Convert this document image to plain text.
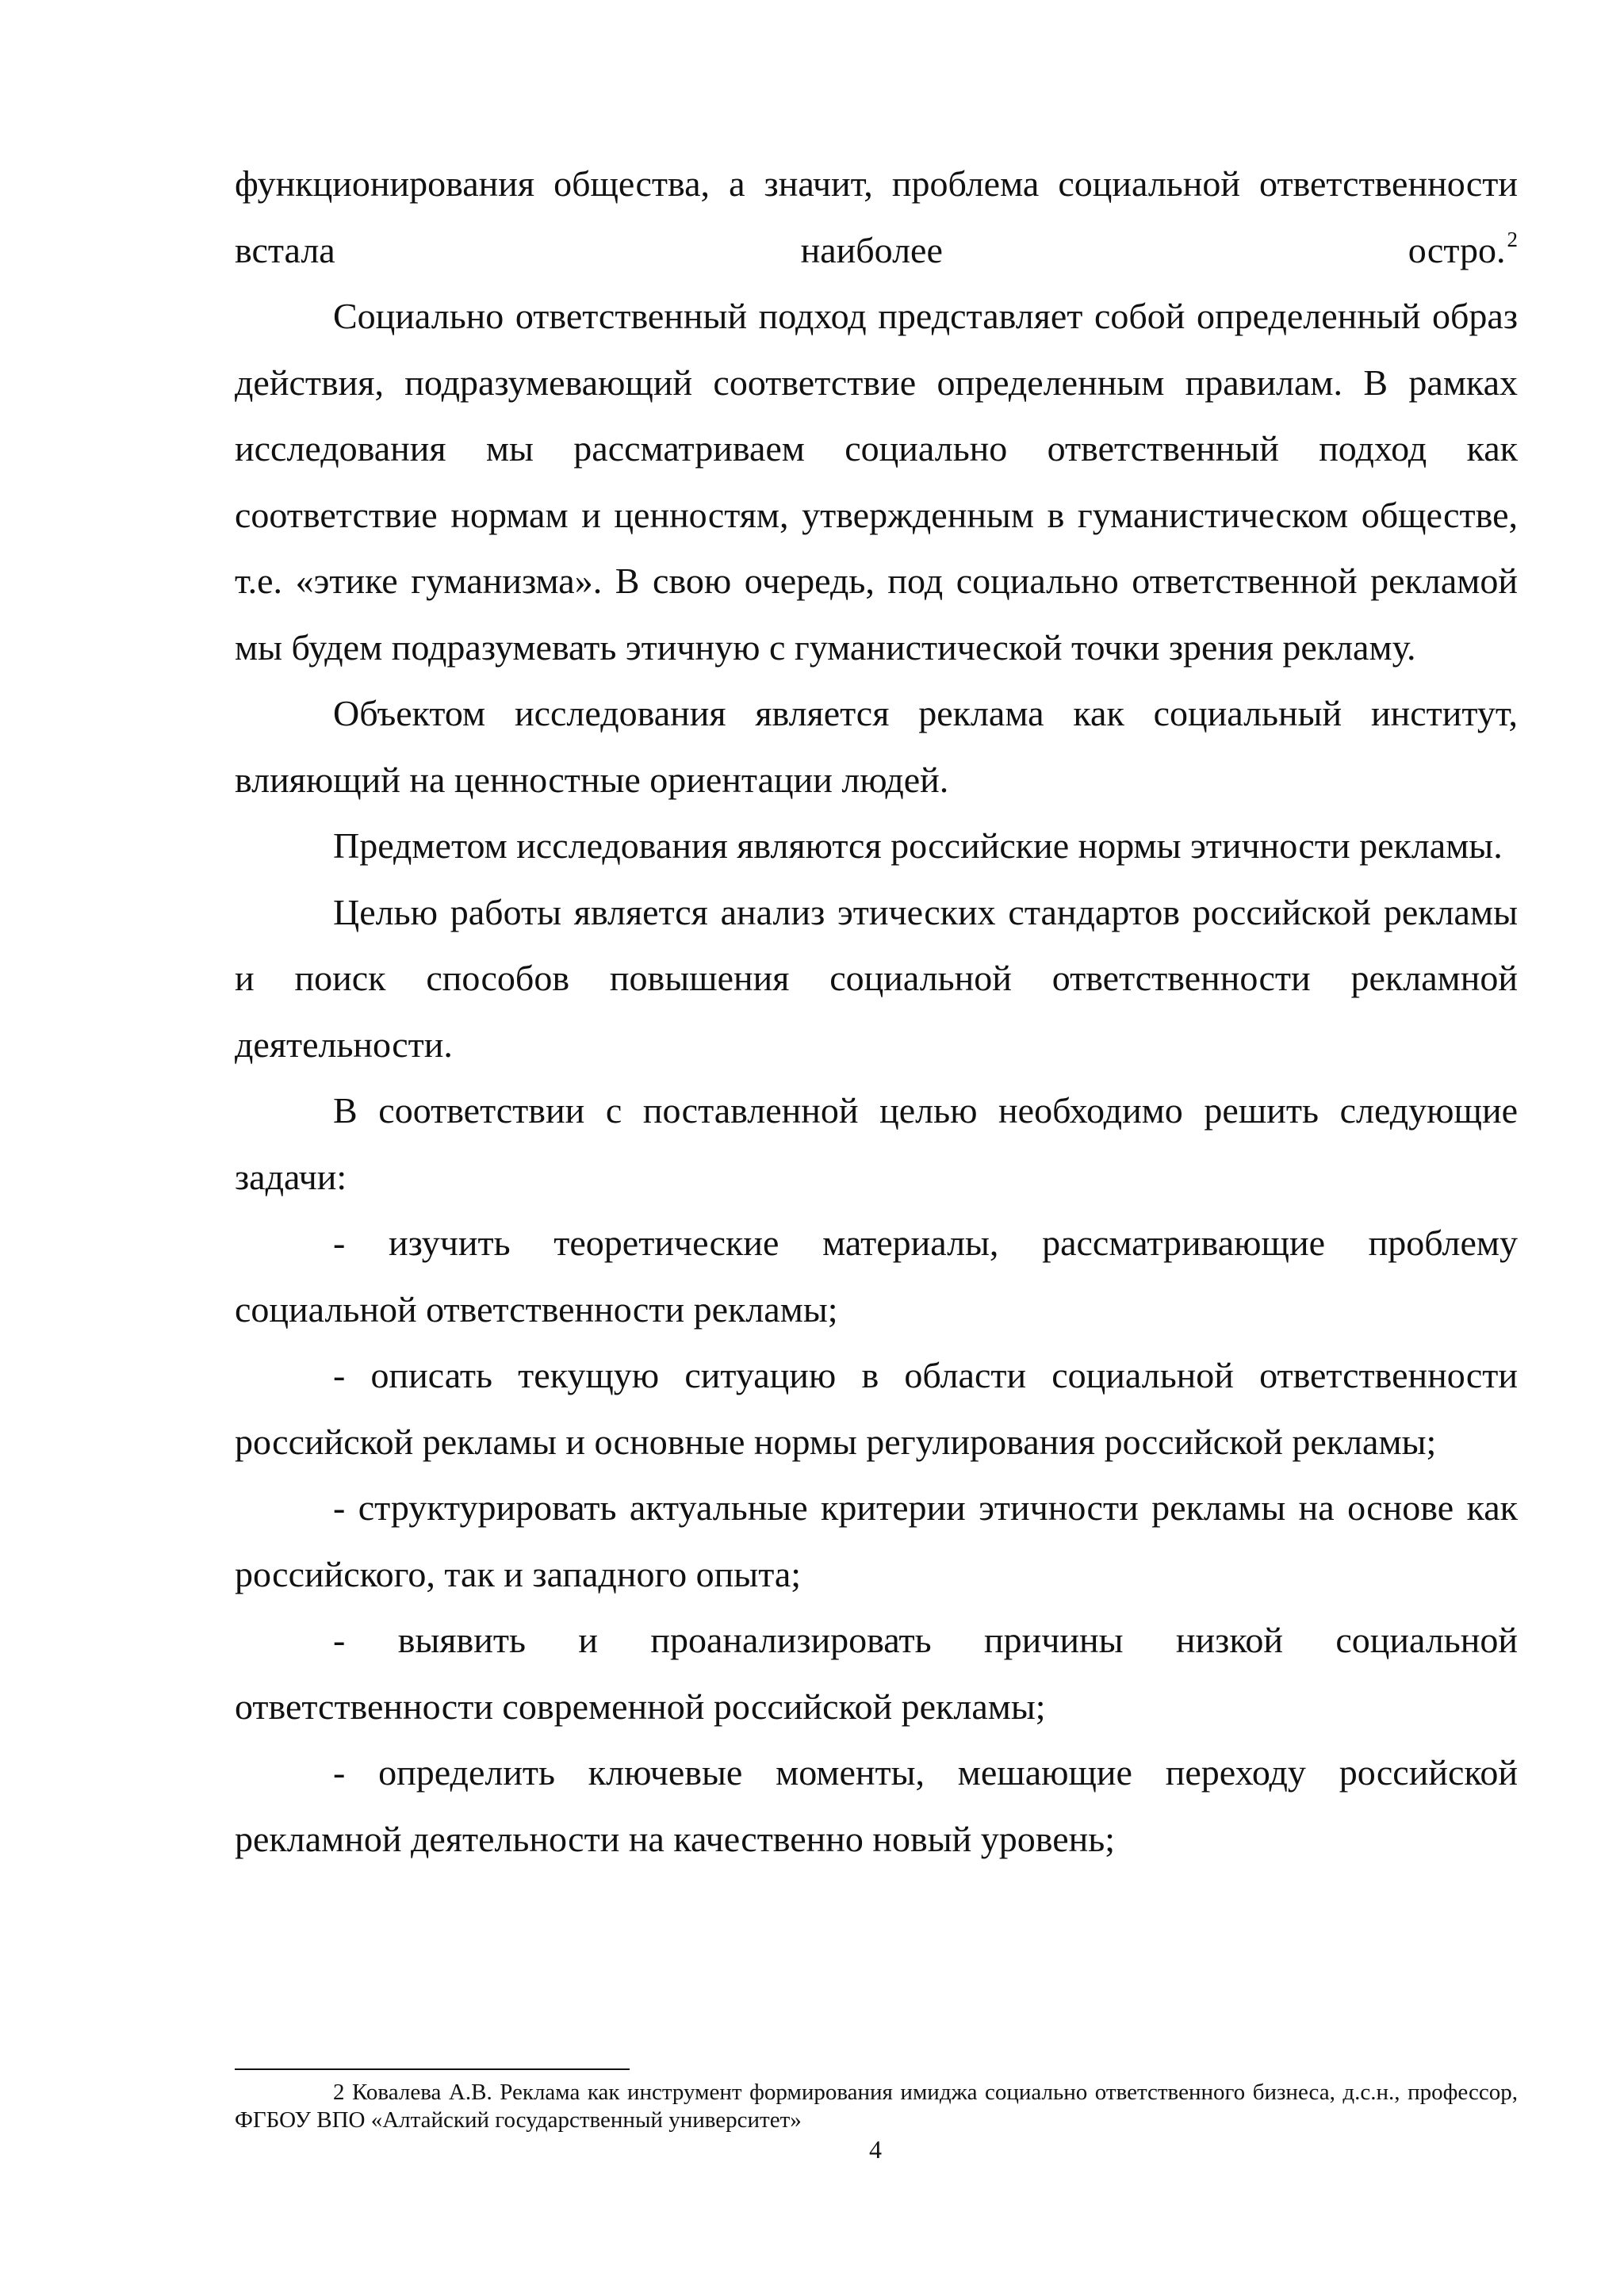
функционирования общества, а значит, проблема социальной ответственности встала наиболее остро.$^2$

Социально ответственный подход представляет собой определенный образ действия, подразумевающий соответствие определенным правилам. В рамках исследования мы рассматриваем социально ответственный подход как соответствие нормам и ценностям, утвержденным в гуманистическом обществе, т.е. «этике гуманизма». В свою очередь, под социально ответственной рекламой мы будем подразумевать этичную с гуманистической точки зрения рекламу.

Объектом исследования является реклама как социальный институт, влияющий на ценностные ориентации людей.

Предметом исследования являются российские нормы этичности рекламы.

Целью работы является анализ этических стандартов российской рекламы и поиск способов повышения социальной ответственности рекламной деятельности.

В соответствии с поставленной целью необходимо решить следующие задачи:

- изучить теоретические материалы, рассматривающие проблему социальной ответственности рекламы;

- описать текущую ситуацию в области социальной ответственности российской рекламы и основные нормы регулирования российской рекламы;

- структурировать актуальные критерии этичности рекламы на основе как российского, так и западного опыта;

- выявить и проанализировать причины низкой социальной ответственности современной российской рекламы;

- определить ключевые моменты, мешающие переходу российской рекламной деятельности на качественно новый уровень;

2 Ковалева А.В. Реклама как инструмент формирования имиджа социально ответственного бизнеса, д.с.н., профессор, ФГБОУ ВПО «Алтайский государственный университет»

4
